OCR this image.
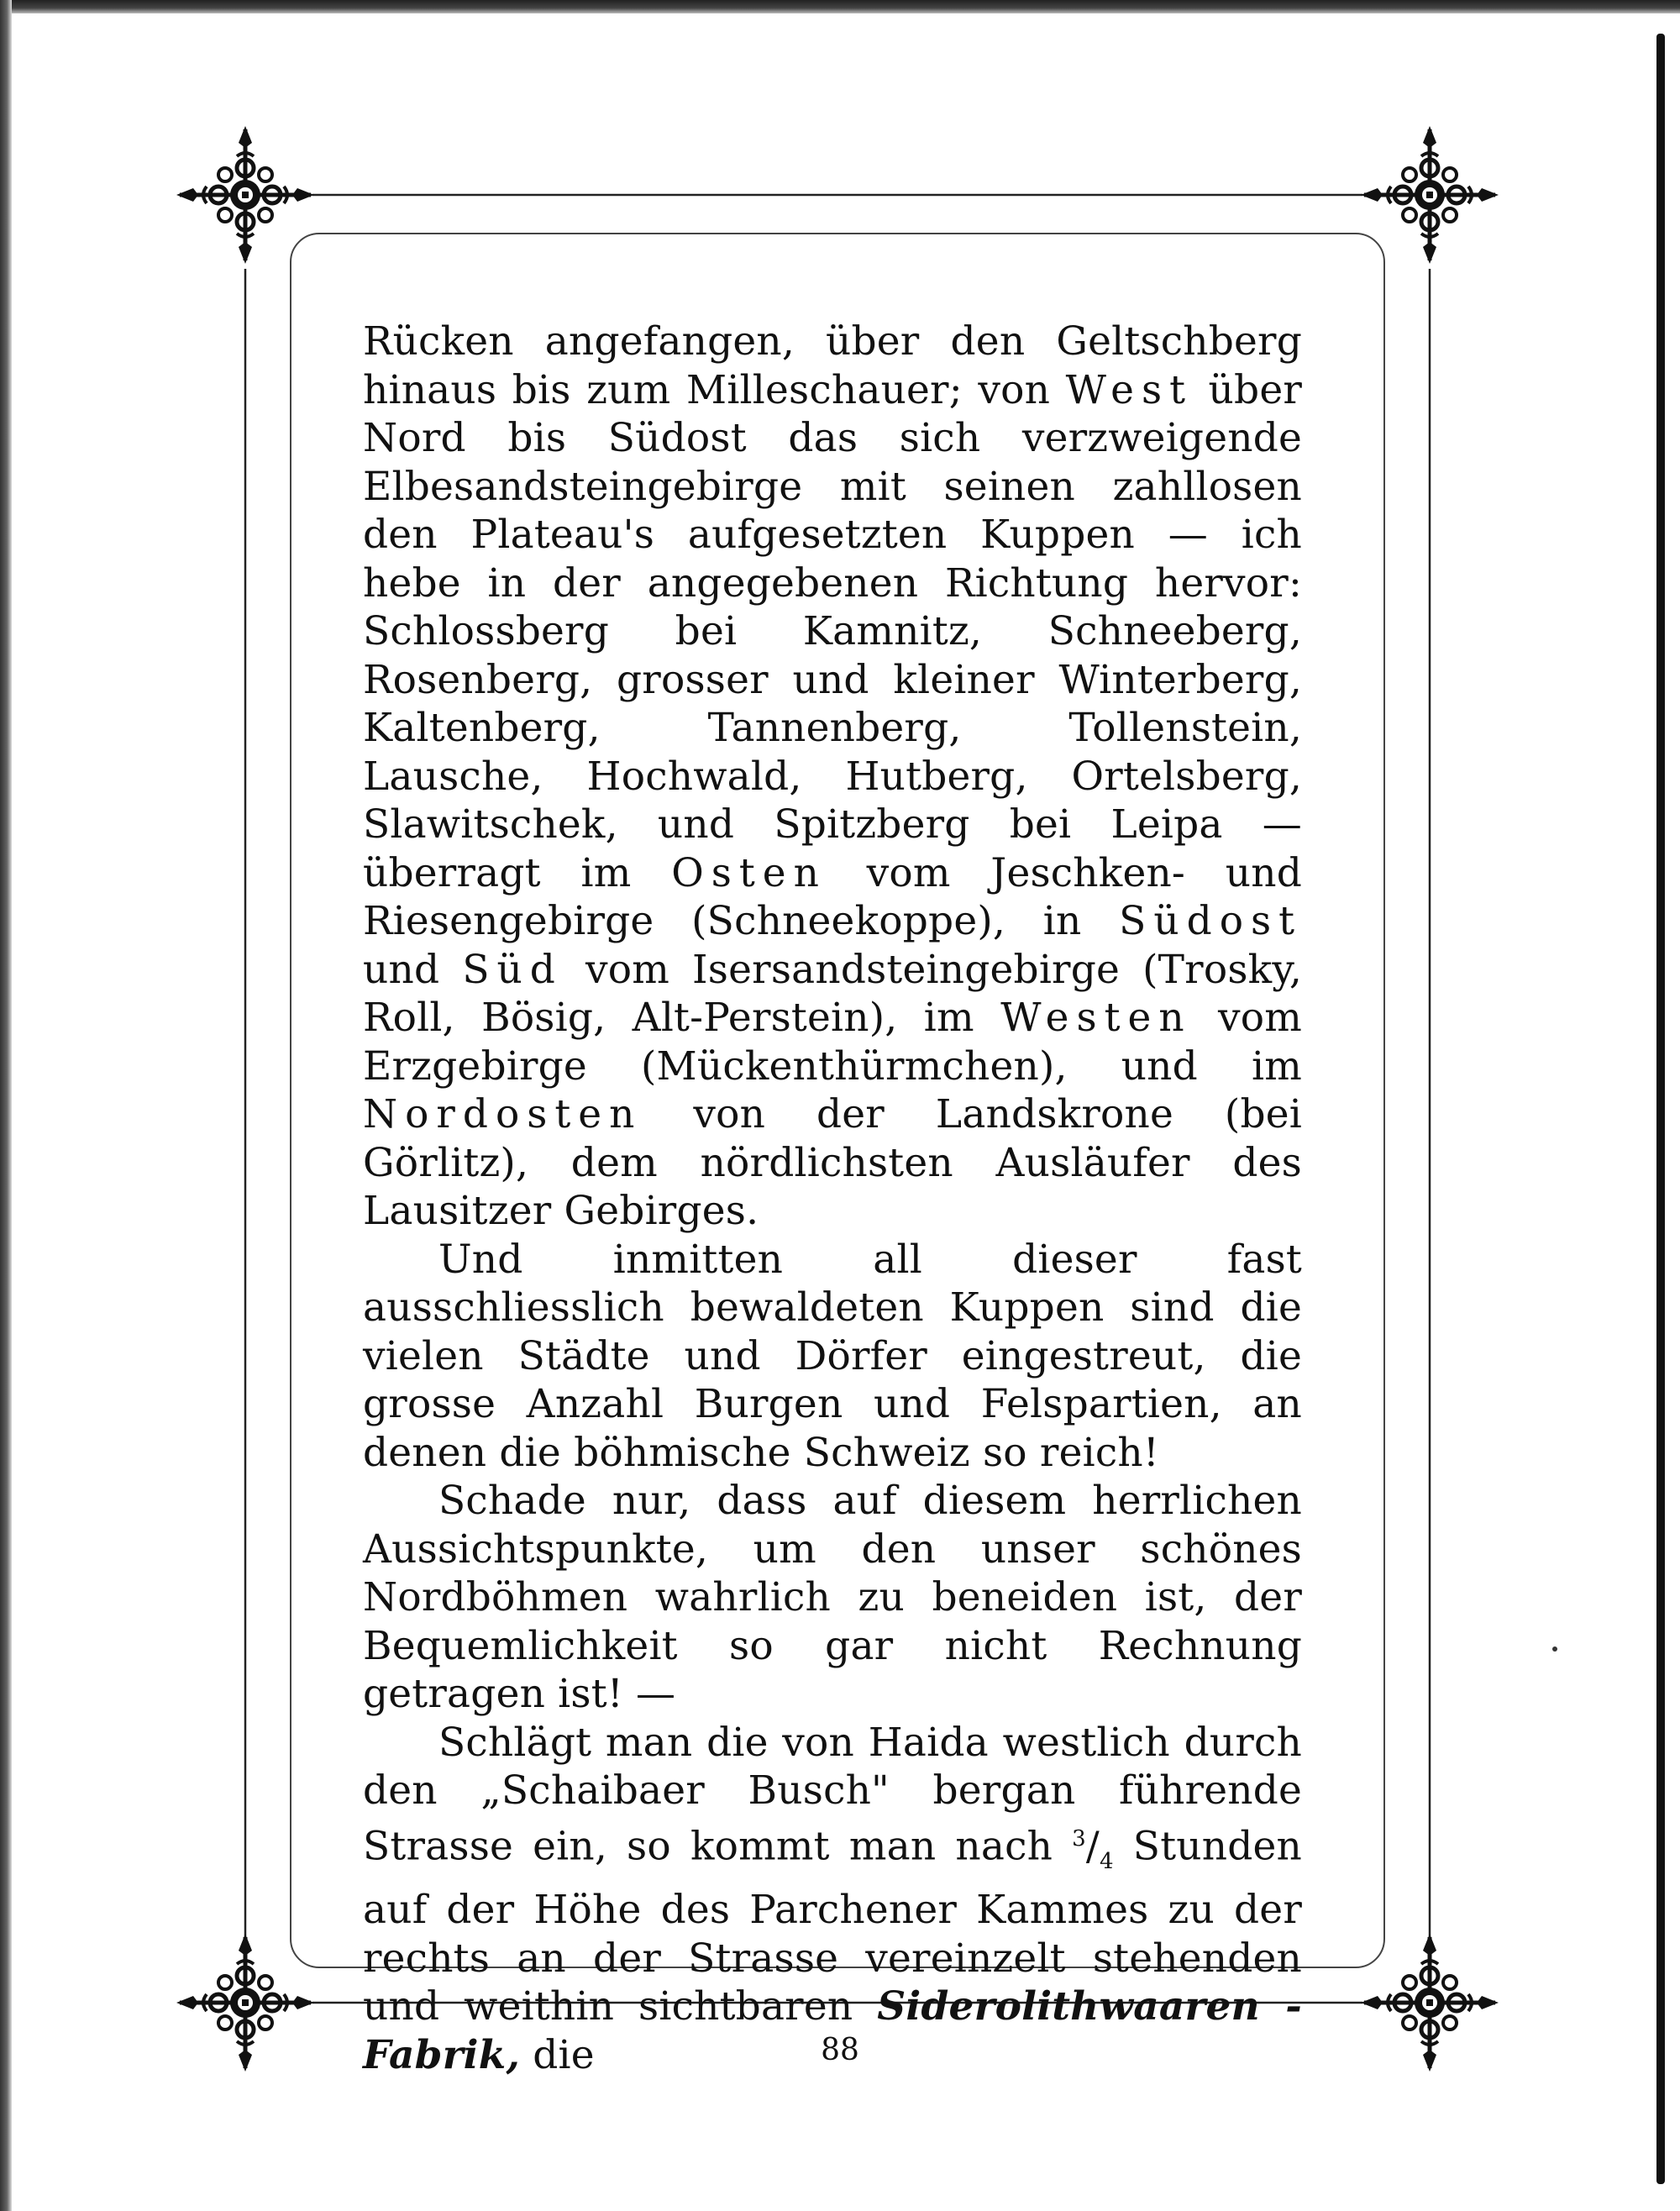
Rücken angefangen, über den Geltschberg hinaus bis zum Milleschauer; von West über Nord bis Südost das sich verzweigende Elbesandsteingebirge mit seinen zahllosen den Plateau's aufgesetzten Kuppen — ich hebe in der angegebenen Richtung hervor: Schlossberg bei Kamnitz, Schneeberg, Rosenberg, grosser und kleiner Winterberg, Kaltenberg, Tannenberg, Tollenstein, Lausche, Hochwald, Hutberg, Ortelsberg, Slawitschek, und Spitzberg bei Leipa — überragt im Osten vom Jeschken- und Riesengebirge (Schneekoppe), in Südost und Süd vom Isersandsteingebirge (Trosky, Roll, Bösig, Alt-Perstein), im Westen vom Erzgebirge (Mückenthürmchen), und im Nordosten von der Landskrone (bei Görlitz), dem nördlichsten Ausläufer des Lausitzer Gebirges.

Und inmitten all dieser fast ausschliesslich bewaldeten Kuppen sind die vielen Städte und Dörfer eingestreut, die grosse Anzahl Burgen und Felspartien, an denen die böhmische Schweiz so reich!

Schade nur, dass auf diesem herrlichen Aussichtspunkte, um den unser schönes Nordböhmen wahrlich zu beneiden ist, der Bequemlichkeit so gar nicht Rechnung getragen ist! —

Schlägt man die von Haida westlich durch den „Schaibaer Busch" bergan führende Strasse ein, so kommt man nach $^3/_4$ Stunden auf der Höhe des Parchener Kammes zu der rechts an der Strasse vereinzelt stehenden und weithin sichtbaren Siderolithwaaren - Fabrik, die	88
